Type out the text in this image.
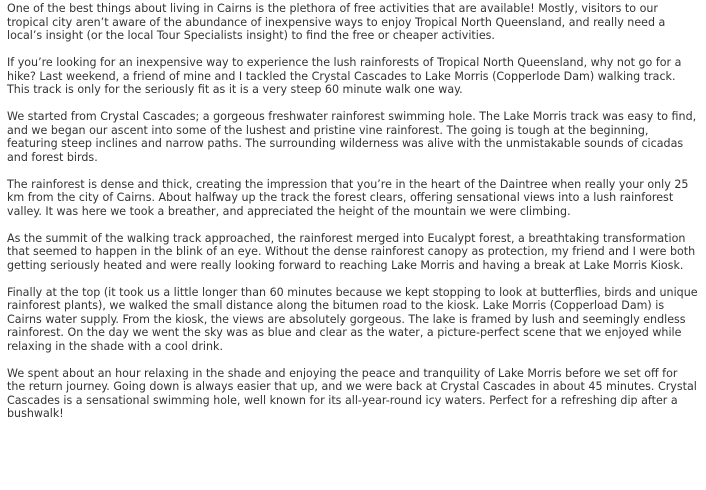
One of the best things about living in Cairns is the plethora of free activities that are available! Mostly, visitors to our tropical city aren’t aware of the abundance of inexpensive ways to enjoy Tropical North Queensland, and really need a local’s insight (or the local Tour Specialists insight) to find the free or cheaper activities.

If you’re looking for an inexpensive way to experience the lush rainforests of Tropical North Queensland, why not go for a hike? Last weekend, a friend of mine and I tackled the Crystal Cascades to Lake Morris (Copperlode Dam) walking track. This track is only for the seriously fit as it is a very steep 60 minute walk one way.

We started from Crystal Cascades; a gorgeous freshwater rainforest swimming hole. The Lake Morris track was easy to find, and we began our ascent into some of the lushest and pristine vine rainforest. The going is tough at the beginning, featuring steep inclines and narrow paths. The surrounding wilderness was alive with the unmistakable sounds of cicadas and forest birds.

The rainforest is dense and thick, creating the impression that you’re in the heart of the Daintree when really your only 25 km from the city of Cairns. About halfway up the track the forest clears, offering sensational views into a lush rainforest valley. It was here we took a breather, and appreciated the height of the mountain we were climbing.

As the summit of the walking track approached, the rainforest merged into Eucalypt forest, a breathtaking transformation that seemed to happen in the blink of an eye. Without the dense rainforest canopy as protection, my friend and I were both getting seriously heated and were really looking forward to reaching Lake Morris and having a break at Lake Morris Kiosk.

Finally at the top (it took us a little longer than 60 minutes because we kept stopping to look at butterflies, birds and unique rainforest plants), we walked the small distance along the bitumen road to the kiosk. Lake Morris (Copperload Dam) is Cairns water supply. From the kiosk, the views are absolutely gorgeous. The lake is framed by lush and seemingly endless rainforest. On the day we went the sky was as blue and clear as the water, a picture-perfect scene that we enjoyed while relaxing in the shade with a cool drink.

We spent about an hour relaxing in the shade and enjoying the peace and tranquility of Lake Morris before we set off for the return journey. Going down is always easier that up, and we were back at Crystal Cascades in about 45 minutes. Crystal Cascades is a sensational swimming hole, well known for its all-year-round icy waters. Perfect for a refreshing dip after a bushwalk!
